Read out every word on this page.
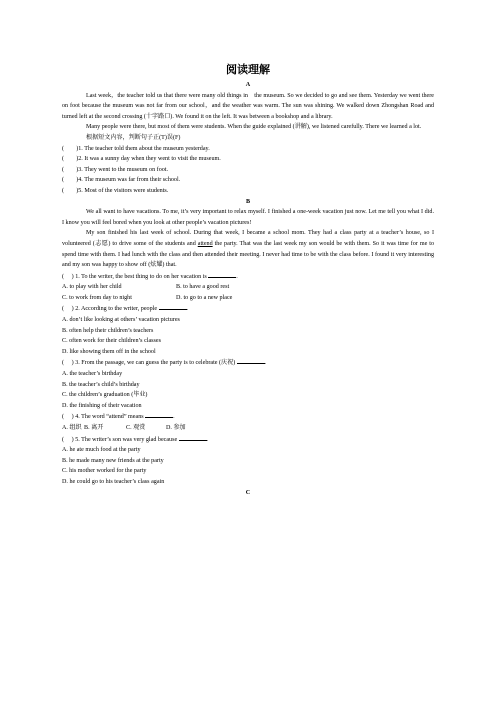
阅读理解
A

Last week，the teacher told us that there were many old things in　the museum. So we decided to go and see them. Yesterday we went there on foot because the museum was not far from our school，and the weather was warm. The sun was shining. We walked down Zhongshan Road and turned left at the second crossing (十字路口). We found it on the left. It was between a bookshop and a library.

Many people were there, but most of them were students. When the guide explained (讲解), we listened carefully. There we learned a lot.

根据短文内容，判断句子正(T)误(F)

(　　)1. The teacher told them about the museum yesterday.
(　　)2. It was a sunny day when they went to visit the museum.
(　　)3. They went to the museum on foot.
(　　)4. The museum was far from their school.
(　　)5. Most of the visitors were students.
B

We all want to have vacations. To me, it’s very important to relax myself. I finished a one-week vacation just now. Let me tell you what I did. I know you will feel bored when you look at other people’s vacation pictures!

My son finished his last week of school. During that week, I became a school mom. They had a class party at a teacher’s house, so I volunteered (志愿) to drive some of the students and attend the party. That was the last week my son would be with them. So it was time for me to spend time with them. I had lunch with the class and then attended their meeting. I never had time to be with the class before. I found it very interesting and my son was happy to show off (炫耀) that.

(　 ) 1. To the writer, the best thing to do on her vacation is	.
A. to play with her child	B. to have a good rest
C. to work from day to night	D. to go to a new place
(　 ) 2. According to the writer, people	.
A. don’t like looking at others’ vacation pictures
B. often help their children’s teachers
C. often work for their children’s classes
D. like showing them off in the school
(　 ) 3. From the passage, we can guess the party is to celebrate (庆祝)	.
A. the teacher’s birthday
B. the teacher’s child’s birthday
C. the children’s graduation (毕业)
D. the finishing of their vacation
(　 ) 4. The word “attend” means	.
A. 组织 B. 离开	C. 观赏	D. 参加
(　 ) 5. The writer’s son was very glad because	.
A. he ate much food at the party
B. he made many new friends at the party
C. his mother worked for the party
D. he could go to his teacher’s class again
C
